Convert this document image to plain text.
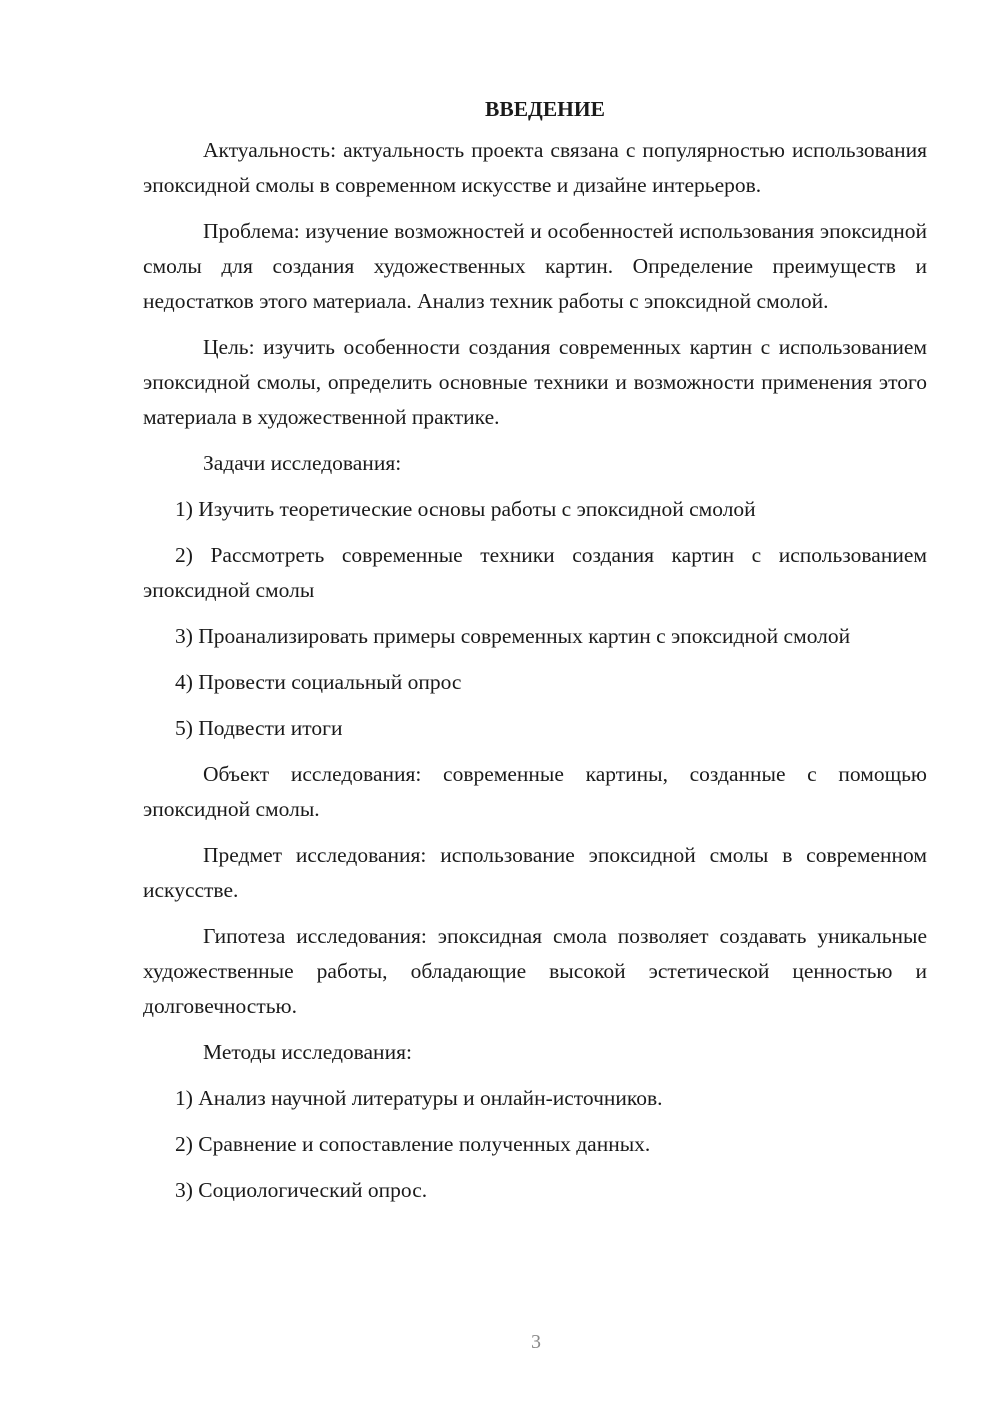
ВВЕДЕНИЕ

Актуальность: актуальность проекта связана с популярностью использования эпоксидной смолы в современном искусстве и дизайне интерьеров.

Проблема: изучение возможностей и особенностей использования эпоксидной смолы для создания художественных картин. Определение преимуществ и недостатков этого материала. Анализ техник работы с эпоксидной смолой.

Цель: изучить особенности создания современных картин с использованием эпоксидной смолы, определить основные техники и возможности применения этого материала в художественной практике.

Задачи исследования:

1) Изучить теоретические основы работы с эпоксидной смолой

2) Рассмотреть современные техники создания картин с использованием эпоксидной смолы

3) Проанализировать примеры современных картин с эпоксидной смолой

4) Провести социальный опрос

5) Подвести итоги

Объект исследования: современные картины, созданные с помощью эпоксидной смолы.

Предмет исследования: использование эпоксидной смолы в современном искусстве.

Гипотеза исследования: эпоксидная смола позволяет создавать уникальные художественные работы, обладающие высокой эстетической ценностью и долговечностью.

Методы исследования:

1) Анализ научной литературы и онлайн-источников.

2) Сравнение и сопоставление полученных данных.

3) Социологический опрос.

3
